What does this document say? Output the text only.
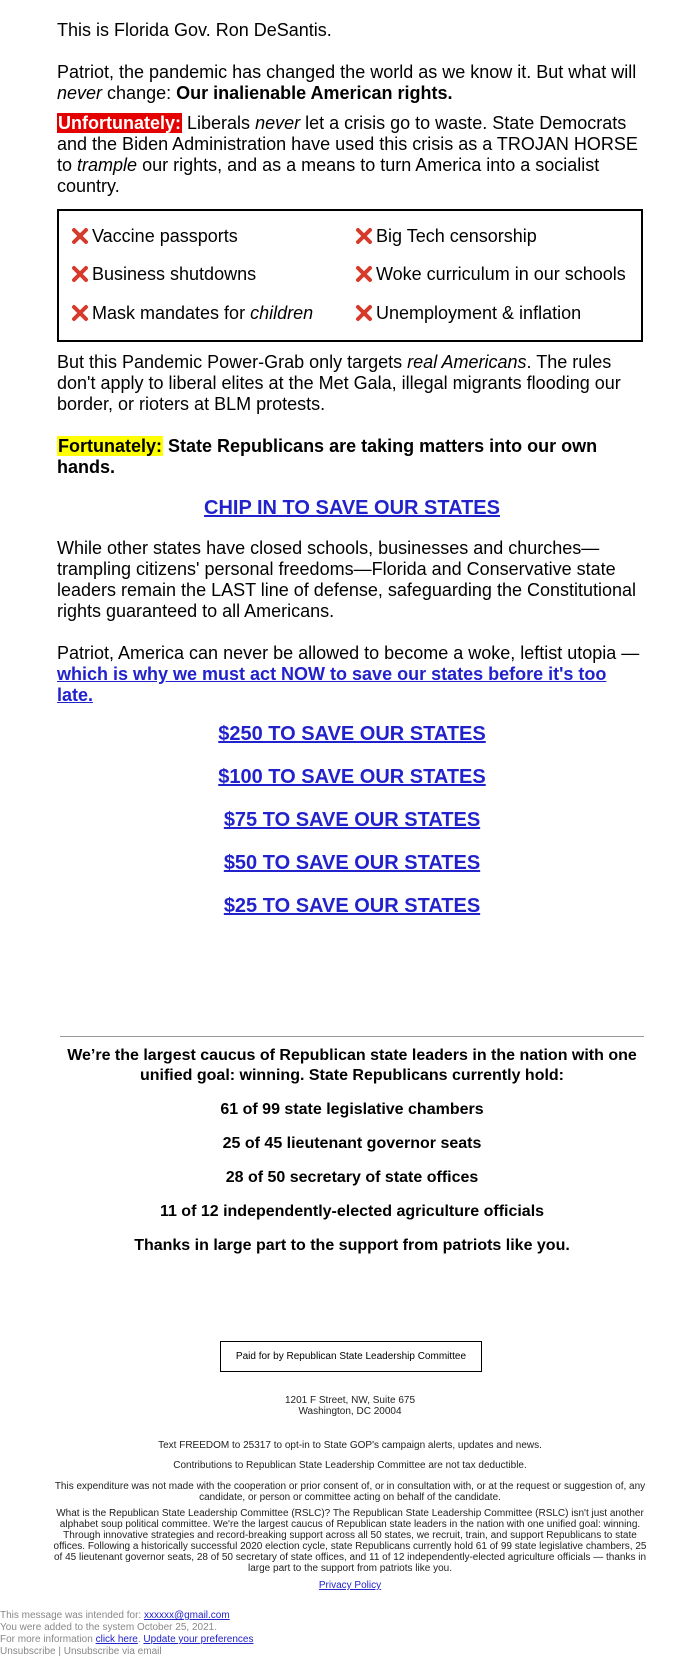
This is Florida Gov. Ron DeSantis.

Patriot, the pandemic has changed the world as we know it. But what will
never change: Our inalienable American rights.

Unfortunately: Liberals never let a crisis go to waste. State Democrats and the Biden Administration have used this crisis as a TROJAN HORSE to trample our rights, and as a means to turn America into a socialist country.

Vaccine passports
Business shutdowns
Mask mandates for children
Big Tech censorship
Woke curriculum in our schools
Unemployment & inflation

But this Pandemic Power-Grab only targets real Americans. The rules don't apply to liberal elites at the Met Gala, illegal migrants flooding our border, or rioters at BLM protests.

Fortunately: State Republicans are taking matters into our own hands.

CHIP IN TO SAVE OUR STATES

While other states have closed schools, businesses and churches—trampling citizens' personal freedoms—Florida and Conservative state leaders remain the LAST line of defense, safeguarding the Constitutional rights guaranteed to all Americans.

Patriot, America can never be allowed to become a woke, leftist utopia — which is why we must act NOW to save our states before it's too late.

$250 TO SAVE OUR STATES
$100 TO SAVE OUR STATES
$75 TO SAVE OUR STATES
$50 TO SAVE OUR STATES
$25 TO SAVE OUR STATES

We’re the largest caucus of Republican state leaders in the nation with one unified goal: winning. State Republicans currently hold:

61 of 99 state legislative chambers

25 of 45 lieutenant governor seats

28 of 50 secretary of state offices

11 of 12 independently-elected agriculture officials

Thanks in large part to the support from patriots like you.

Paid for by Republican State Leadership Committee
1201 F Street, NW, Suite 675
Washington, DC 20004
Text FREEDOM to 25317 to opt-in to State GOP's campaign alerts, updates and news.
Contributions to Republican State Leadership Committee are not tax deductible.
This expenditure was not made with the cooperation or prior consent of, or in consultation with, or at the request or suggestion of, any candidate, or person or committee acting on behalf of the candidate.
What is the Republican State Leadership Committee (RSLC)? The Republican State Leadership Committee (RSLC) isn't just another alphabet soup political committee. We're the largest caucus of Republican state leaders in the nation with one unified goal: winning. Through innovative strategies and record-breaking support across all 50 states, we recruit, train, and support Republicans to state offices. Following a historically successful 2020 election cycle, state Republicans currently hold 61 of 99 state legislative chambers, 25 of 45 lieutenant governor seats, 28 of 50 secretary of state offices, and 11 of 12 independently-elected agriculture officials — thanks in large part to the support from patriots like you.
Privacy Policy
This message was intended for: xxxxxx@gmail.com
You were added to the system October 25, 2021.
For more information click here. Update your preferences
Unsubscribe | Unsubscribe via email
